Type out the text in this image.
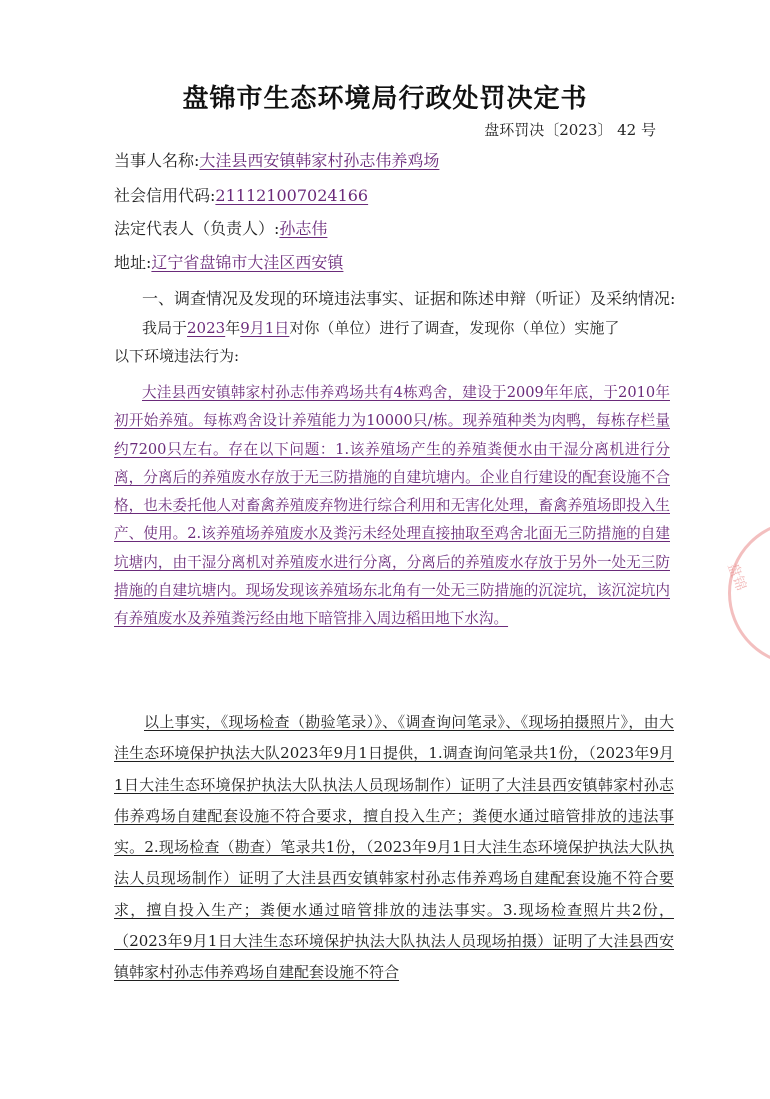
盘锦市生态环境局行政处罚决定书
盘环罚决〔2023〕 42 号
当事人名称:大洼县西安镇韩家村孙志伟养鸡场
社会信用代码:211121007024166
法定代表人（负责人）:孙志伟
地址:辽宁省盘锦市大洼区西安镇
一、调查情况及发现的环境违法事实、证据和陈述申辩（听证）及采纳情况:
我局于2023年9月1日对你（单位）进行了调查，发现你（单位）实施了
以下环境违法行为:
大洼县西安镇韩家村孙志伟养鸡场共有4栋鸡舍，建设于2009年年底，于2010年初开始养殖。每栋鸡舍设计养殖能力为10000只/栋。现养殖种类为肉鸭，每栋存栏量约7200只左右。存在以下问题：1.该养殖场产生的养殖粪便水由干湿分离机进行分离，分离后的养殖废水存放于无三防措施的自建坑塘内。企业自行建设的配套设施不合格，也未委托他人对畜禽养殖废弃物进行综合利用和无害化处理，畜禽养殖场即投入生产、使用。2.该养殖场养殖废水及粪污未经处理直接抽取至鸡舍北面无三防措施的自建坑塘内，由干湿分离机对养殖废水进行分离，分离后的养殖废水存放于另外一处无三防措施的自建坑塘内。现场发现该养殖场东北角有一处无三防措施的沉淀坑，该沉淀坑内有养殖废水及养殖粪污经由地下暗管排入周边稻田地下水沟。
以上事实，《现场检查（勘验笔录）》、《调查询问笔录》、《现场拍摄照片》，由大洼生态环境保护执法大队2023年9月1日提供，1.调查询问笔录共1份，（2023年9月1日大洼生态环境保护执法大队执法人员现场制作）证明了大洼县西安镇韩家村孙志伟养鸡场自建配套设施不符合要求，擅自投入生产；粪便水通过暗管排放的违法事实。2.现场检查（勘查）笔录共1份，（2023年9月1日大洼生态环境保护执法大队执法人员现场制作）证明了大洼县西安镇韩家村孙志伟养鸡场自建配套设施不符合要求，擅自投入生产；粪便水通过暗管排放的违法事实。3.现场检查照片共2份，（2023年9月1日大洼生态环境保护执法大队执法人员现场拍摄）证明了大洼县西安镇韩家村孙志伟养鸡场自建配套设施不符合
盘锦
